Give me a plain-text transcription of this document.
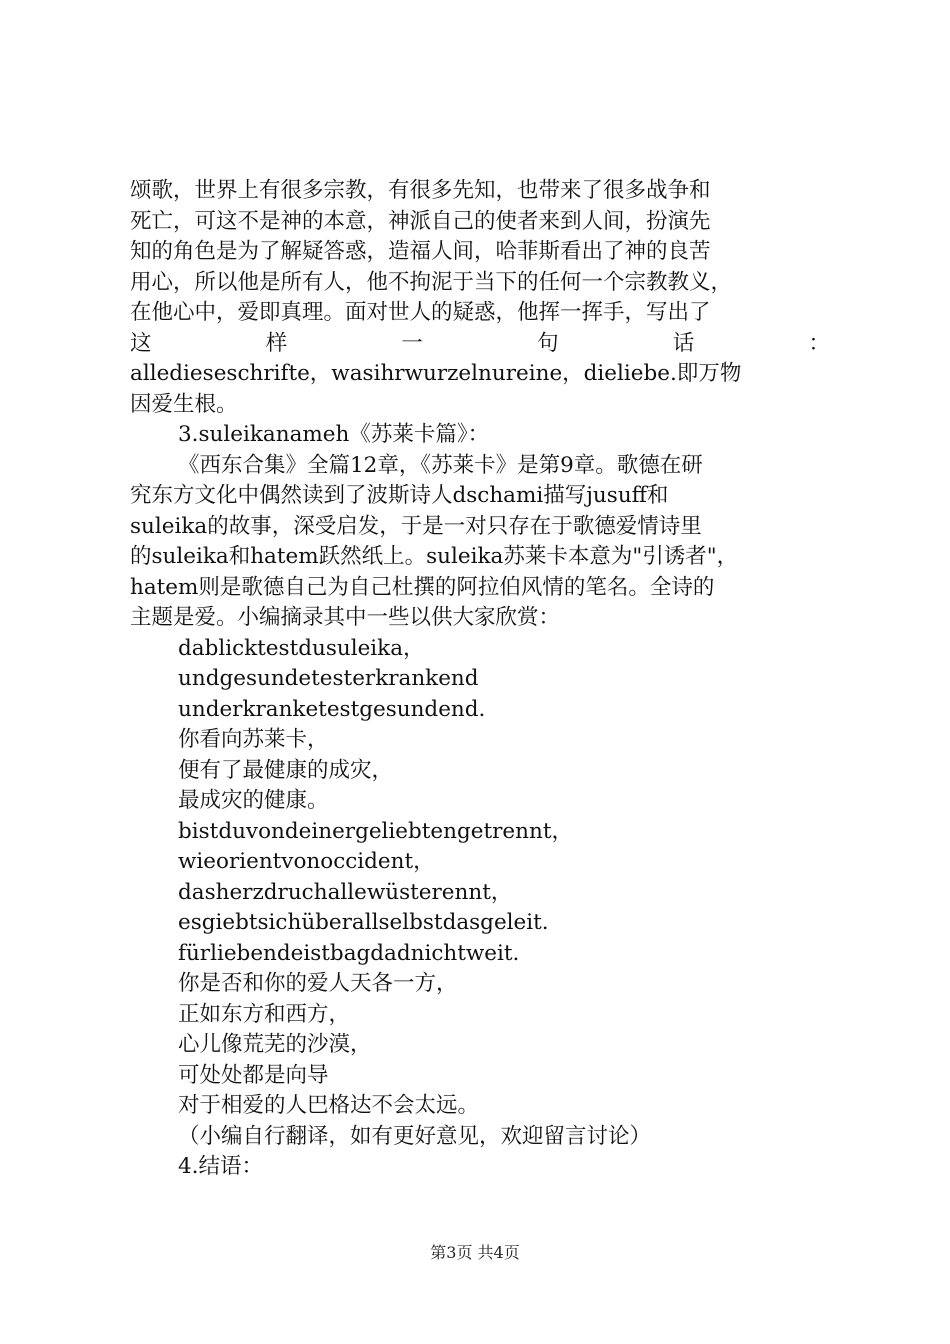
颂歌，世界上有很多宗教，有很多先知，也带来了很多战争和
死亡，可这不是神的本意，神派自己的使者来到人间，扮演先
知的角色是为了解疑答惑，造福人间，哈菲斯看出了神的良苦
用心，所以他是所有人，他不拘泥于当下的任何一个宗教教义，
在他心中，爱即真理。面对世人的疑惑，他挥一挥手，写出了
这	样	一	句	话	：
alledieseschrifte，wasihrwurzelnureine，dieliebe.即万物
因爱生根。
3.suleikanameh《苏莱卡篇》：
《西东合集》全篇12章，《苏莱卡》是第9章。歌德在研
究东方文化中偶然读到了波斯诗人dschami描写jusuff和
suleika的故事，深受启发，于是一对只存在于歌德爱情诗里
的suleika和hatem跃然纸上。suleika苏莱卡本意为"引诱者"，
hatem则是歌德自己为自己杜撰的阿拉伯风情的笔名。全诗的
主题是爱。小编摘录其中一些以供大家欣赏：
dablicktestdusuleika，
undgesundetesterkrankend
underkranketestgesundend.
你看向苏莱卡，
便有了最健康的成灾，
最成灾的健康。
bistduvondeinergeliebtengetrennt，
wieorientvonoccident，
dasherzdruchallewüsterennt，
esgiebtsichüberallselbstdasgeleit.
fürliebendeistbagdadnichtweit.
你是否和你的爱人天各一方，
正如东方和西方，
心儿像荒芜的沙漠，
可处处都是向导
对于相爱的人巴格达不会太远。
（小编自行翻译，如有更好意见，欢迎留言讨论）
4.结语：
第3页 共4页
